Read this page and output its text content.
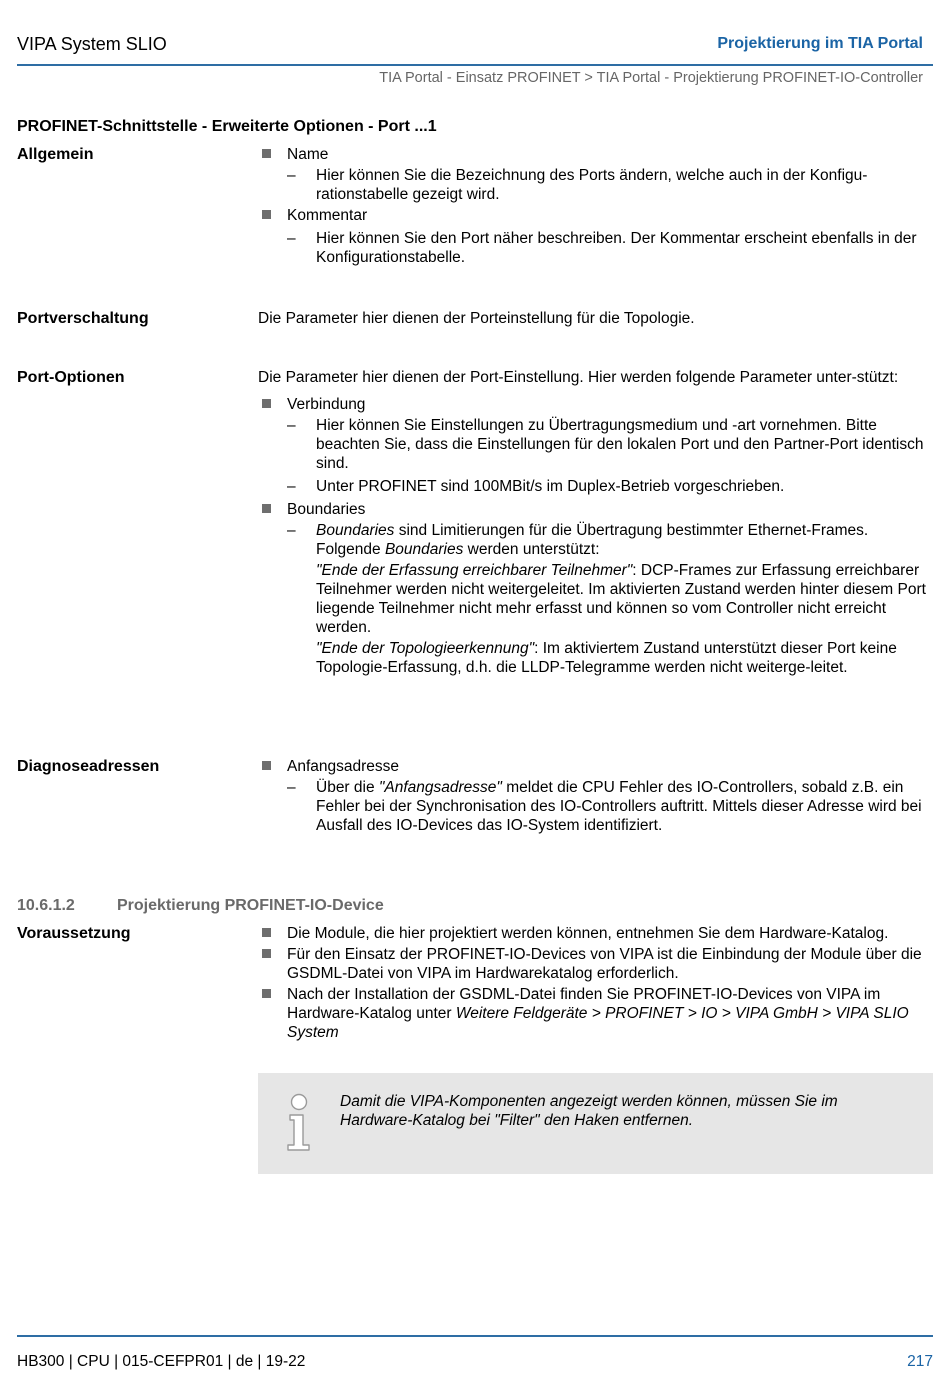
VIPA System SLIO	Projektierung im TIA Portal
TIA Portal - Einsatz PROFINET > TIA Portal - Projektierung PROFINET-IO-Controller
PROFINET-Schnittstelle - Erweiterte Optionen - Port ...1
Allgemein	Name
– Hier können Sie die Bezeichnung des Ports ändern, welche auch in der Konfigu-rationstabelle gezeigt wird.
Kommentar
– Hier können Sie den Port näher beschreiben. Der Kommentar erscheint ebenfalls in der Konfigurationstabelle.
Portverschaltung	Die Parameter hier dienen der Porteinstellung für die Topologie.
Port-Optionen	Die Parameter hier dienen der Port-Einstellung. Hier werden folgende Parameter unter-stützt:
Verbindung
– Hier können Sie Einstellungen zu Übertragungsmedium und -art vornehmen. Bitte beachten Sie, dass die Einstellungen für den lokalen Port und den Partner-Port identisch sind.
– Unter PROFINET sind 100MBit/s im Duplex-Betrieb vorgeschrieben.
Boundaries
– Boundaries sind Limitierungen für die Übertragung bestimmter Ethernet-Frames. Folgende Boundaries werden unterstützt:
"Ende der Erfassung erreichbarer Teilnehmer": DCP-Frames zur Erfassung erreichbarer Teilnehmer werden nicht weitergeleitet. Im aktivierten Zustand werden hinter diesem Port liegende Teilnehmer nicht mehr erfasst und können so vom Controller nicht erreicht werden.
"Ende der Topologieerkennung": Im aktiviertem Zustand unterstützt dieser Port keine Topologie-Erfassung, d.h. die LLDP-Telegramme werden nicht weiterge-leitet.
Diagnoseadressen	Anfangsadresse
– Über die "Anfangsadresse" meldet die CPU Fehler des IO-Controllers, sobald z.B. ein Fehler bei der Synchronisation des IO-Controllers auftritt. Mittels dieser Adresse wird bei Ausfall des IO-Devices das IO-System identifiziert.
10.6.1.2	Projektierung PROFINET-IO-Device
Voraussetzung	Die Module, die hier projektiert werden können, entnehmen Sie dem Hardware-Katalog.
Für den Einsatz der PROFINET-IO-Devices von VIPA ist die Einbindung der Module über die GSDML-Datei von VIPA im Hardwarekatalog erforderlich.
Nach der Installation der GSDML-Datei finden Sie PROFINET-IO-Devices von VIPA im Hardware-Katalog unter Weitere Feldgeräte > PROFINET > IO > VIPA GmbH > VIPA SLIO System
Damit die VIPA-Komponenten angezeigt werden können, müssen Sie im Hardware-Katalog bei "Filter" den Haken entfernen.
HB300 | CPU | 015-CEFPR01 | de | 19-22	217
